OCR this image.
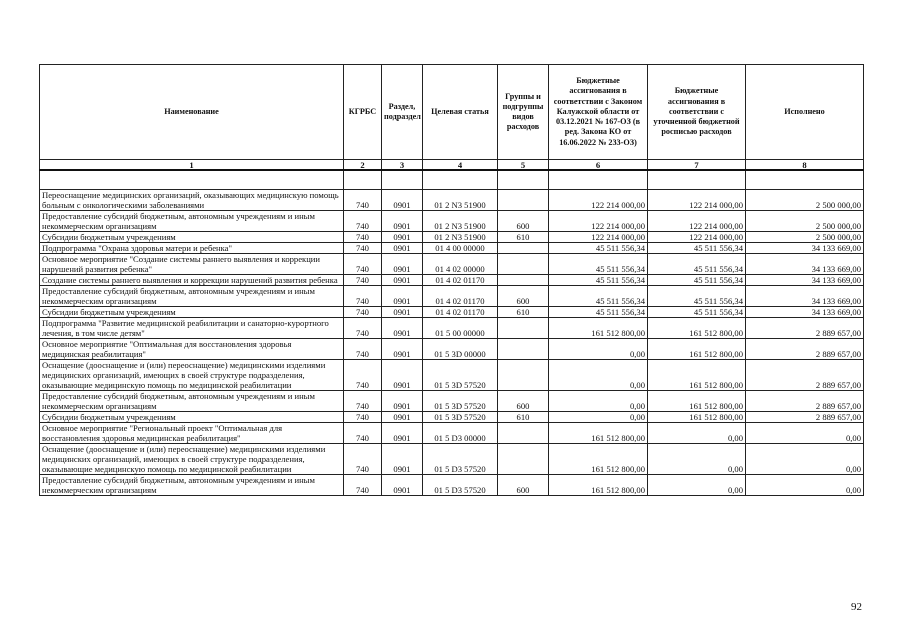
Наименование	КГРБС	Раздел, подраздел	Целевая статья	Группы и подгруппы видов расходов	Бюджетные ассигнования в соответствии с Законом Калужской области от 03.12.2021 № 167-ОЗ (в ред. Закона КО от 16.06.2022 № 233-ОЗ)	Бюджетные ассигнования в соответствии с уточненной бюджетной росписью расходов	Исполнено
1	2	3	4	5	6	7	8

Переоснащение медицинских организаций, оказывающих медицинскую помощь больным с онкологическими заболеваниями	740	0901	01 2 N3 51900		122 214 000,00	122 214 000,00	2 500 000,00
Предоставление субсидий бюджетным, автономным учреждениям и иным некоммерческим организациям	740	0901	01 2 N3 51900	600	122 214 000,00	122 214 000,00	2 500 000,00
Субсидии бюджетным учреждениям	740	0901	01 2 N3 51900	610	122 214 000,00	122 214 000,00	2 500 000,00
Подпрограмма "Охрана здоровья матери и ребенка"	740	0901	01 4 00 00000		45 511 556,34	45 511 556,34	34 133 669,00
Основное мероприятие "Создание системы раннего выявления и коррекции нарушений развития ребенка"	740	0901	01 4 02 00000		45 511 556,34	45 511 556,34	34 133 669,00
Создание системы раннего выявления и коррекции нарушений развития ребенка	740	0901	01 4 02 01170		45 511 556,34	45 511 556,34	34 133 669,00
Предоставление субсидий бюджетным, автономным учреждениям и иным некоммерческим организациям	740	0901	01 4 02 01170	600	45 511 556,34	45 511 556,34	34 133 669,00
Субсидии бюджетным учреждениям	740	0901	01 4 02 01170	610	45 511 556,34	45 511 556,34	34 133 669,00
Подпрограмма "Развитие медицинской реабилитации и санаторно-курортного лечения, в том числе детям"	740	0901	01 5 00 00000		161 512 800,00	161 512 800,00	2 889 657,00
Основное мероприятие "Оптимальная для восстановления здоровья медицинская реабилитация"	740	0901	01 5 3D 00000		0,00	161 512 800,00	2 889 657,00
Оснащение (дооснащение и (или) переоснащение) медицинскими изделиями медицинских организаций, имеющих в своей структуре подразделения, оказывающие медицинскую помощь по медицинской реабилитации	740	0901	01 5 3D 57520		0,00	161 512 800,00	2 889 657,00
Предоставление субсидий бюджетным, автономным учреждениям и иным некоммерческим организациям	740	0901	01 5 3D 57520	600	0,00	161 512 800,00	2 889 657,00
Субсидии бюджетным учреждениям	740	0901	01 5 3D 57520	610	0,00	161 512 800,00	2 889 657,00
Основное мероприятие "Региональный проект "Оптимальная для восстановления здоровья медицинская реабилитация"	740	0901	01 5 D3 00000		161 512 800,00	0,00	0,00
Оснащение (дооснащение и (или) переоснащение) медицинскими изделиями медицинских организаций, имеющих в своей структуре подразделения, оказывающие медицинскую помощь по медицинской реабилитации	740	0901	01 5 D3 57520		161 512 800,00	0,00	0,00
Предоставление субсидий бюджетным, автономным учреждениям и иным некоммерческим организациям	740	0901	01 5 D3 57520	600	161 512 800,00	0,00	0,00
92
